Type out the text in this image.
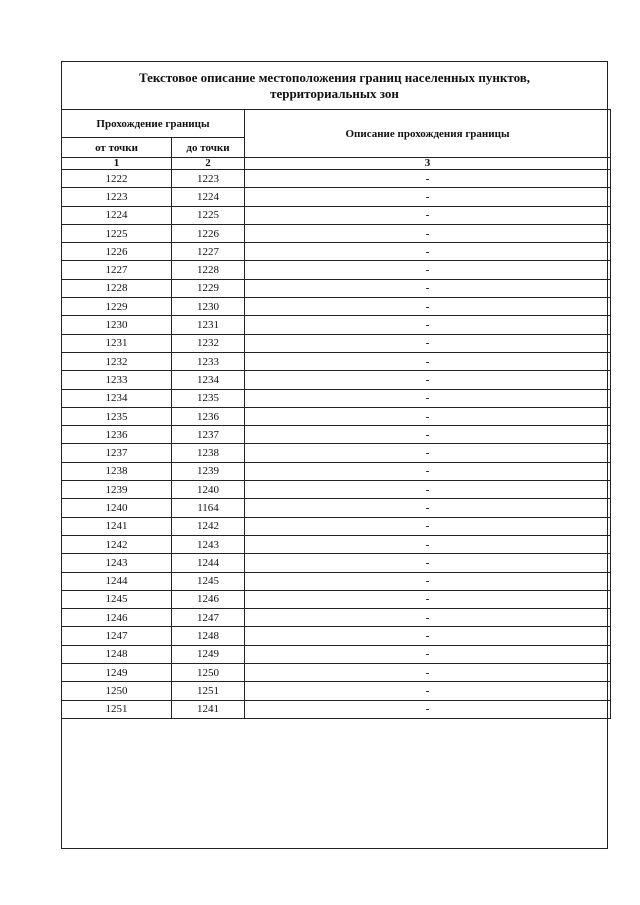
Текстовое описание местоположения границ населенных пунктов,
территориальных зон
Прохождение границы		Описание прохождения границы
от точки	до точки	
1	2	3
1222	1223	-
1223	1224	-
1224	1225	-
1225	1226	-
1226	1227	-
1227	1228	-
1228	1229	-
1229	1230	-
1230	1231	-
1231	1232	-
1232	1233	-
1233	1234	-
1234	1235	-
1235	1236	-
1236	1237	-
1237	1238	-
1238	1239	-
1239	1240	-
1240	1164	-
1241	1242	-
1242	1243	-
1243	1244	-
1244	1245	-
1245	1246	-
1246	1247	-
1247	1248	-
1248	1249	-
1249	1250	-
1250	1251	-
1251	1241	-
